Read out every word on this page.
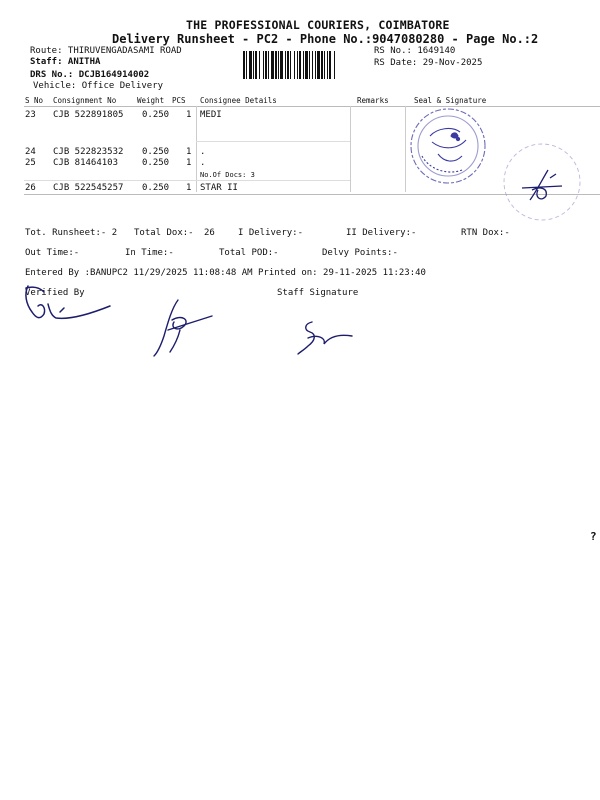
THE PROFESSIONAL COURIERS, COIMBATORE
Delivery Runsheet - PC2 - Phone No.:9047080280 - Page No.:2
Route: THIRUVENGADASAMI ROAD
Staff: ANITHA
DRS No.: DCJB164914002
Vehicle: Office Delivery
RS No.: 1649140
RS Date: 29-Nov-2025
S No Consignment No	Weight PCS Consignee Details	Remarks	Seal & Signature
23 CJB 522891805 0.250 1 MEDI
24 CJB 522823532 0.250 1 .
25 CJB 81464103	0.250 1 .
No.Of Docs: 3
26 CJB 522545257 0.250 1 STAR II
Tot. Runsheet:- 2 Total Dox:- 26	I Delivery:-	II Delivery:-	RTN Dox:-
Out Time:-	In Time:-	Total POD:-	Delvy Points:-
Entered By :BANUPC2 11/29/2025 11:08:48 AM Printed on: 29-11-2025 11:23:40
Verified By	Staff Signature
?
